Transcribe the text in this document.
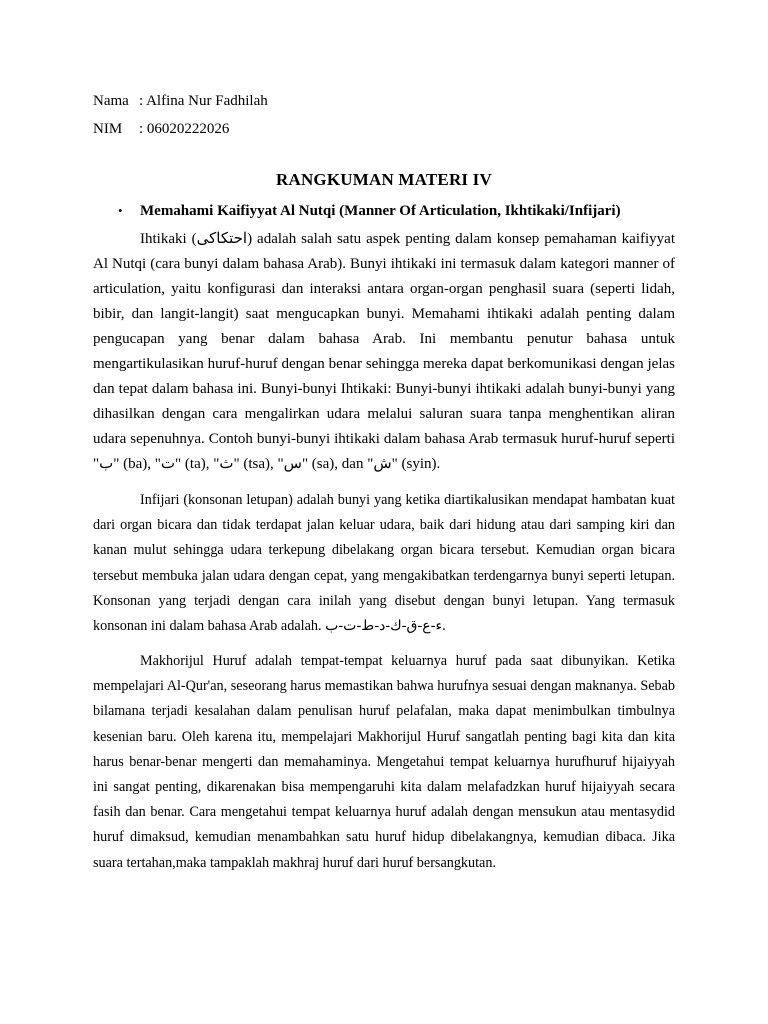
Nama : Alfina Nur Fadhilah
NIM : 06020222026
RANGKUMAN MATERI IV
• Memahami Kaifiyyat Al Nutqi (Manner Of Articulation, Ikhtikaki/Infijari)

Ihtikaki (احتكاكى) adalah salah satu aspek penting dalam konsep pemahaman kaifiyyat Al Nutqi (cara bunyi dalam bahasa Arab). Bunyi ihtikaki ini termasuk dalam kategori manner of articulation, yaitu konfigurasi dan interaksi antara organ-organ penghasil suara (seperti lidah, bibir, dan langit-langit) saat mengucapkan bunyi. Memahami ihtikaki adalah penting dalam pengucapan yang benar dalam bahasa Arab. Ini membantu penutur bahasa untuk mengartikulasikan huruf-huruf dengan benar sehingga mereka dapat berkomunikasi dengan jelas dan tepat dalam bahasa ini. Bunyi-bunyi Ihtikaki: Bunyi-bunyi ihtikaki adalah bunyi-bunyi yang dihasilkan dengan cara mengalirkan udara melalui saluran suara tanpa menghentikan aliran udara sepenuhnya. Contoh bunyi-bunyi ihtikaki dalam bahasa Arab termasuk huruf-huruf seperti "ب" (ba), "ت" (ta), "ث" (tsa), "س" (sa), dan "ش" (syin).

Infijari (konsonan letupan) adalah bunyi yang ketika diartikalusikan mendapat hambatan kuat dari organ bicara dan tidak terdapat jalan keluar udara, baik dari hidung atau dari samping kiri dan kanan mulut sehingga udara terkepung dibelakang organ bicara tersebut. Kemudian organ bicara tersebut membuka jalan udara dengan cepat, yang mengakibatkan terdengarnya bunyi seperti letupan. Konsonan yang terjadi dengan cara inilah yang disebut dengan bunyi letupan. Yang termasuk konsonan ini dalam bahasa Arab adalah. ء-ع-ق-ك-د-ط-ت-ب.

Makhorijul Huruf adalah tempat-tempat keluarnya huruf pada saat dibunyikan. Ketika mempelajari Al-Qur'an, seseorang harus memastikan bahwa hurufnya sesuai dengan maknanya. Sebab bilamana terjadi kesalahan dalam penulisan huruf pelafalan, maka dapat menimbulkan timbulnya kesenian baru. Oleh karena itu, mempelajari Makhorijul Huruf sangatlah penting bagi kita dan kita harus benar-benar mengerti dan memahaminya. Mengetahui tempat keluarnya hurufhuruf hijaiyyah ini sangat penting, dikarenakan bisa mempengaruhi kita dalam melafadzkan huruf hijaiyyah secara fasih dan benar. Cara mengetahui tempat keluarnya huruf adalah dengan mensukun atau mentasydid huruf dimaksud, kemudian menambahkan satu huruf hidup dibelakangnya, kemudian dibaca. Jika suara tertahan,maka tampaklah makhraj huruf dari huruf bersangkutan.
